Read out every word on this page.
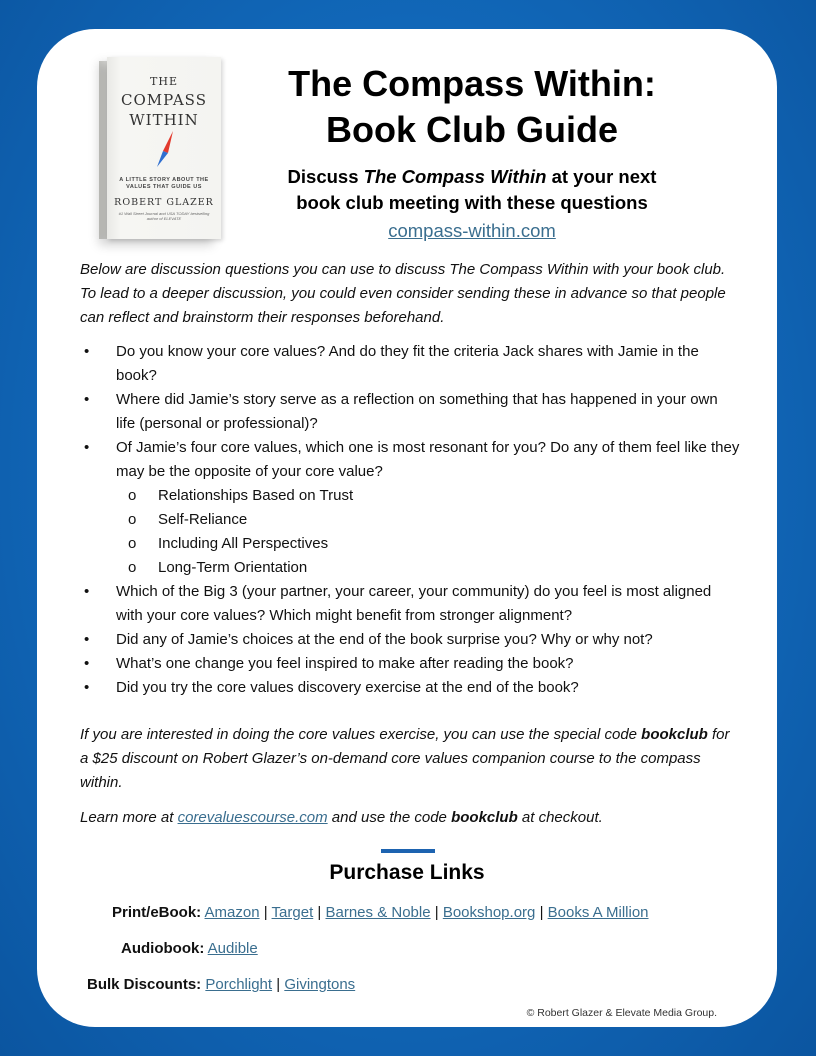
THE
COMPASS
WITHIN
A LITTLE STORY ABOUT THE VALUES THAT GUIDE US
ROBERT GLAZER
#1 Wall Street Journal and USA TODAY bestselling author of ELEVATE
The Compass Within:
Book Club Guide
Discuss The Compass Within at your next
book club meeting with these questions
compass-within.com
Below are discussion questions you can use to discuss The Compass Within with your book club. To lead to a deeper discussion, you could even consider sending these in advance so that people can reflect and brainstorm their responses beforehand.
• Do you know your core values? And do they fit the criteria Jack shares with Jamie in the book?
• Where did Jamie’s story serve as a reflection on something that has happened in your own life (personal or professional)?
• Of Jamie’s four core values, which one is most resonant for you? Do any of them feel like they may be the opposite of your core value?
o Relationships Based on Trust
o Self-Reliance
o Including All Perspectives
o Long-Term Orientation
• Which of the Big 3 (your partner, your career, your community) do you feel is most aligned with your core values? Which might benefit from stronger alignment?
• Did any of Jamie’s choices at the end of the book surprise you? Why or why not?
• What’s one change you feel inspired to make after reading the book?
• Did you try the core values discovery exercise at the end of the book?
If you are interested in doing the core values exercise, you can use the special code bookclub for a $25 discount on Robert Glazer’s on-demand core values companion course to the compass within.
Learn more at corevaluescourse.com and use the code bookclub at checkout.
Purchase Links
Print/eBook: Amazon | Target | Barnes & Noble | Bookshop.org | Books A Million
Audiobook: Audible
Bulk Discounts: Porchlight | Givingtons
© Robert Glazer & Elevate Media Group.
